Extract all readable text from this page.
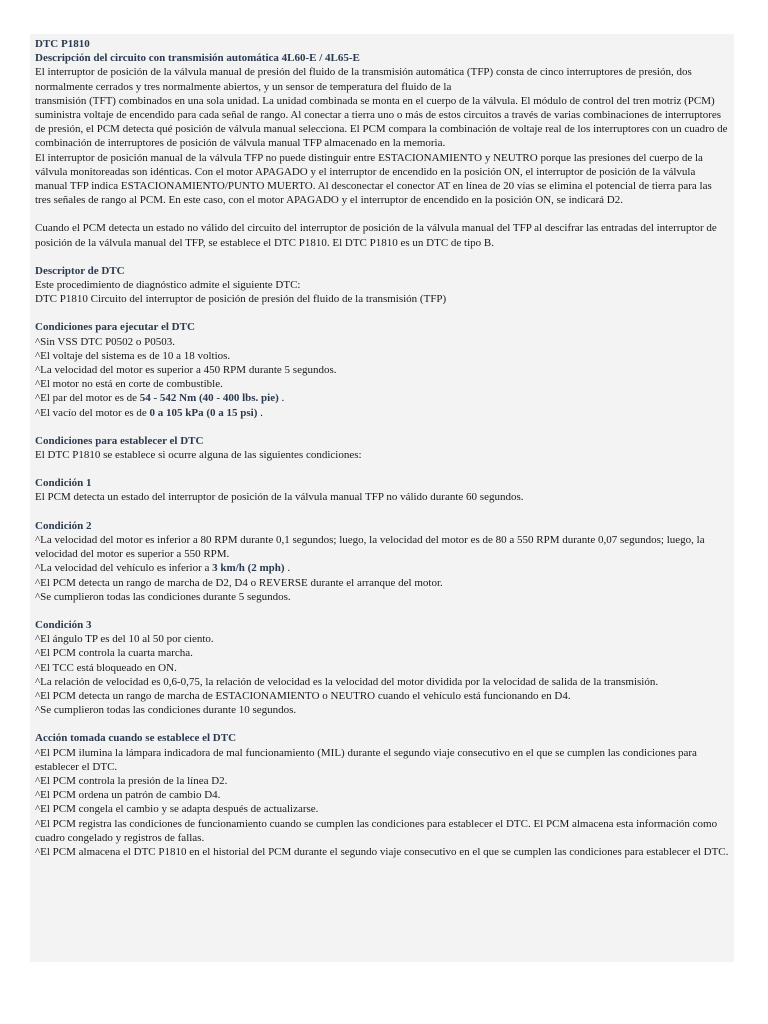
DTC P1810

Descripción del circuito con transmisión automática 4L60-E / 4L65-E

El interruptor de posición de la válvula manual de presión del fluido de la transmisión automática (TFP) consta de cinco interruptores de presión, dos normalmente cerrados y tres normalmente abiertos, y un sensor de temperatura del fluido de la

transmisión (TFT) combinados en una sola unidad. La unidad combinada se monta en el cuerpo de la válvula. El módulo de control del tren motriz (PCM) suministra voltaje de encendido para cada señal de rango. Al conectar a tierra uno o más de estos circuitos a través de varias combinaciones de interruptores de presión, el PCM detecta qué posición de válvula manual selecciona. El PCM compara la combinación de voltaje real de los interruptores con un cuadro de combinación de interruptores de posición de válvula manual TFP almacenado en la memoria.

El interruptor de posición manual de la válvula TFP no puede distinguir entre ESTACIONAMIENTO y NEUTRO porque las presiones del cuerpo de la válvula monitoreadas son idénticas. Con el motor APAGADO y el interruptor de encendido en la posición ON, el interruptor de posición de la válvula manual TFP indica ESTACIONAMIENTO/PUNTO MUERTO. Al desconectar el conector AT en línea de 20 vías se elimina el potencial de tierra para las tres señales de rango al PCM. En este caso, con el motor APAGADO y el interruptor de encendido en la posición ON, se indicará D2.

Cuando el PCM detecta un estado no válido del circuito del interruptor de posición de la válvula manual del TFP al descifrar las entradas del interruptor de posición de la válvula manual del TFP, se establece el DTC P1810. El DTC P1810 es un DTC de tipo B.

Descriptor de DTC

Este procedimiento de diagnóstico admite el siguiente DTC:

DTC P1810 Circuito del interruptor de posición de presión del fluido de la transmisión (TFP)

Condiciones para ejecutar el DTC

^Sin VSS DTC P0502 o P0503.

^El voltaje del sistema es de 10 a 18 voltios.

^La velocidad del motor es superior a 450 RPM durante 5 segundos.

^El motor no está en corte de combustible.

^El par del motor es de 54 - 542 Nm (40 - 400 lbs. pie) .

^El vacío del motor es de 0 a 105 kPa (0 a 15 psi) .

Condiciones para establecer el DTC

El DTC P1810 se establece si ocurre alguna de las siguientes condiciones:

Condición 1

El PCM detecta un estado del interruptor de posición de la válvula manual TFP no válido durante 60 segundos.

Condición 2

^La velocidad del motor es inferior a 80 RPM durante 0,1 segundos; luego, la velocidad del motor es de 80 a 550 RPM durante 0,07 segundos; luego, la velocidad del motor es superior a 550 RPM.

^La velocidad del vehículo es inferior a 3 km/h (2 mph) .

^El PCM detecta un rango de marcha de D2, D4 o REVERSE durante el arranque del motor.

^Se cumplieron todas las condiciones durante 5 segundos.

Condición 3

^El ángulo TP es del 10 al 50 por ciento.

^El PCM controla la cuarta marcha.

^El TCC está bloqueado en ON.

^La relación de velocidad es 0,6-0,75, la relación de velocidad es la velocidad del motor dividida por la velocidad de salida de la transmisión.

^El PCM detecta un rango de marcha de ESTACIONAMIENTO o NEUTRO cuando el vehículo está funcionando en D4.

^Se cumplieron todas las condiciones durante 10 segundos.

Acción tomada cuando se establece el DTC

^El PCM ilumina la lámpara indicadora de mal funcionamiento (MIL) durante el segundo viaje consecutivo en el que se cumplen las condiciones para establecer el DTC.

^El PCM controla la presión de la línea D2.

^El PCM ordena un patrón de cambio D4.

^El PCM congela el cambio y se adapta después de actualizarse.

^El PCM registra las condiciones de funcionamiento cuando se cumplen las condiciones para establecer el DTC. El PCM almacena esta información como cuadro congelado y registros de fallas.

^El PCM almacena el DTC P1810 en el historial del PCM durante el segundo viaje consecutivo en el que se cumplen las condiciones para establecer el DTC.
